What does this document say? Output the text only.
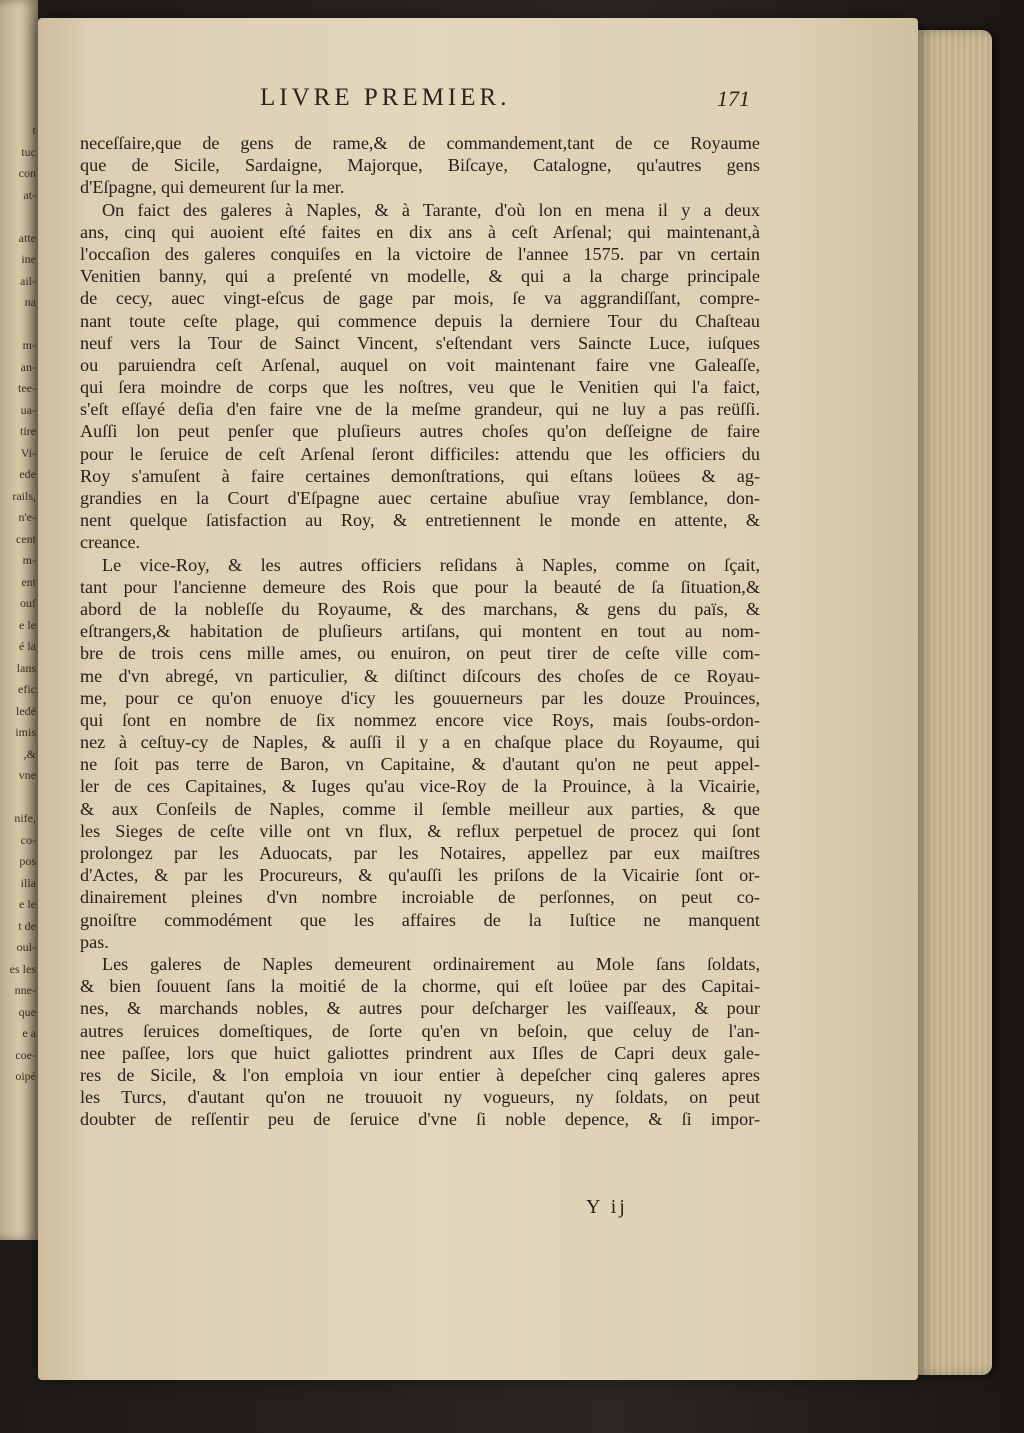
t
tuc
con
at-
atte
ine
ail-
na
m-
an-
tee-
ua-
tire
Vi-
ede
rails,
n'e-
cent
m-
ent
ouf
e le
é la
lans
efic
ledé
imis
,&
vne
nife,
co-
pos
illa
e le
t de
oul-
es les
nne-
que
e a
coe-
oipé
LIVRE PREMIER.	171
neceſſaire,que de gens de rame,& de commandement,tant de ce Royaume
que de Sicile, Sardaigne, Majorque, Biſcaye, Catalogne, qu'autres gens
d'Eſpagne, qui demeurent ſur la mer.
On faict des galeres à Naples, & à Tarante, d'où lon en mena il y a deux
ans, cinq qui auoient eſté faites en dix ans à ceſt Arſenal; qui maintenant,à
l'occaſion des galeres conquiſes en la victoire de l'annee 1575. par vn certain
Venitien banny, qui a preſenté vn modelle, & qui a la charge principale
de cecy, auec vingt-eſcus de gage par mois, ſe va aggrandiſſant, compre-
nant toute ceſte plage, qui commence depuis la derniere Tour du Chaſteau
neuf vers la Tour de Sainct Vincent, s'eſtendant vers Saincte Luce, iuſques
ou paruiendra ceſt Arſenal, auquel on voit maintenant faire vne Galeaſſe,
qui ſera moindre de corps que les noſtres, veu que le Venitien qui l'a faict,
s'eſt eſſayé deſia d'en faire vne de la meſme grandeur, qui ne luy a pas reüſſi.
Auſſi lon peut penſer que pluſieurs autres choſes qu'on deſſeigne de faire
pour le ſeruice de ceſt Arſenal ſeront difficiles: attendu que les officiers du
Roy s'amuſent à faire certaines demonſtrations, qui eſtans loüees & ag-
grandies en la Court d'Eſpagne auec certaine abuſiue vray ſemblance, don-
nent quelque ſatisfaction au Roy, & entretiennent le monde en attente, &
creance.
Le vice-Roy, & les autres officiers reſidans à Naples, comme on ſçait,
tant pour l'ancienne demeure des Rois que pour la beauté de ſa ſituation,&
abord de la nobleſſe du Royaume, & des marchans, & gens du païs, &
eſtrangers,& habitation de pluſieurs artiſans, qui montent en tout au nom-
bre de trois cens mille ames, ou enuiron, on peut tirer de ceſte ville com-
me d'vn abregé, vn particulier, & diſtinct diſcours des choſes de ce Royau-
me, pour ce qu'on enuoye d'icy les gouuerneurs par les douze Prouinces,
qui ſont en nombre de ſix nommez encore vice Roys, mais ſoubs-ordon-
nez à ceſtuy-cy de Naples, & auſſi il y a en chaſque place du Royaume, qui
ne ſoit pas terre de Baron, vn Capitaine, & d'autant qu'on ne peut appel-
ler de ces Capitaines, & Iuges qu'au vice-Roy de la Prouince, à la Vicairie,
& aux Conſeils de Naples, comme il ſemble meilleur aux parties, & que
les Sieges de ceſte ville ont vn flux, & reflux perpetuel de procez qui ſont
prolongez par les Aduocats, par les Notaires, appellez par eux maiſtres
d'Actes, & par les Procureurs, & qu'auſſi les priſons de la Vicairie ſont or-
dinairement pleines d'vn nombre incroiable de perſonnes, on peut co-
gnoiſtre commodément que les affaires de la Iuſtice ne manquent
pas.
Les galeres de Naples demeurent ordinairement au Mole ſans ſoldats,
& bien ſouuent ſans la moitié de la chorme, qui eſt loüee par des Capitai-
nes, & marchands nobles, & autres pour deſcharger les vaiſſeaux, & pour
autres ſeruices domeſtiques, de ſorte qu'en vn beſoin, que celuy de l'an-
nee paſſee, lors que huict galiottes prindrent aux Iſles de Capri deux gale-
res de Sicile, & l'on emploia vn iour entier à depeſcher cinq galeres apres
les Turcs, d'autant qu'on ne trouuoit ny vogueurs, ny ſoldats, on peut
doubter de reſſentir peu de ſeruice d'vne ſi noble depence, & ſi impor-
Y ij
